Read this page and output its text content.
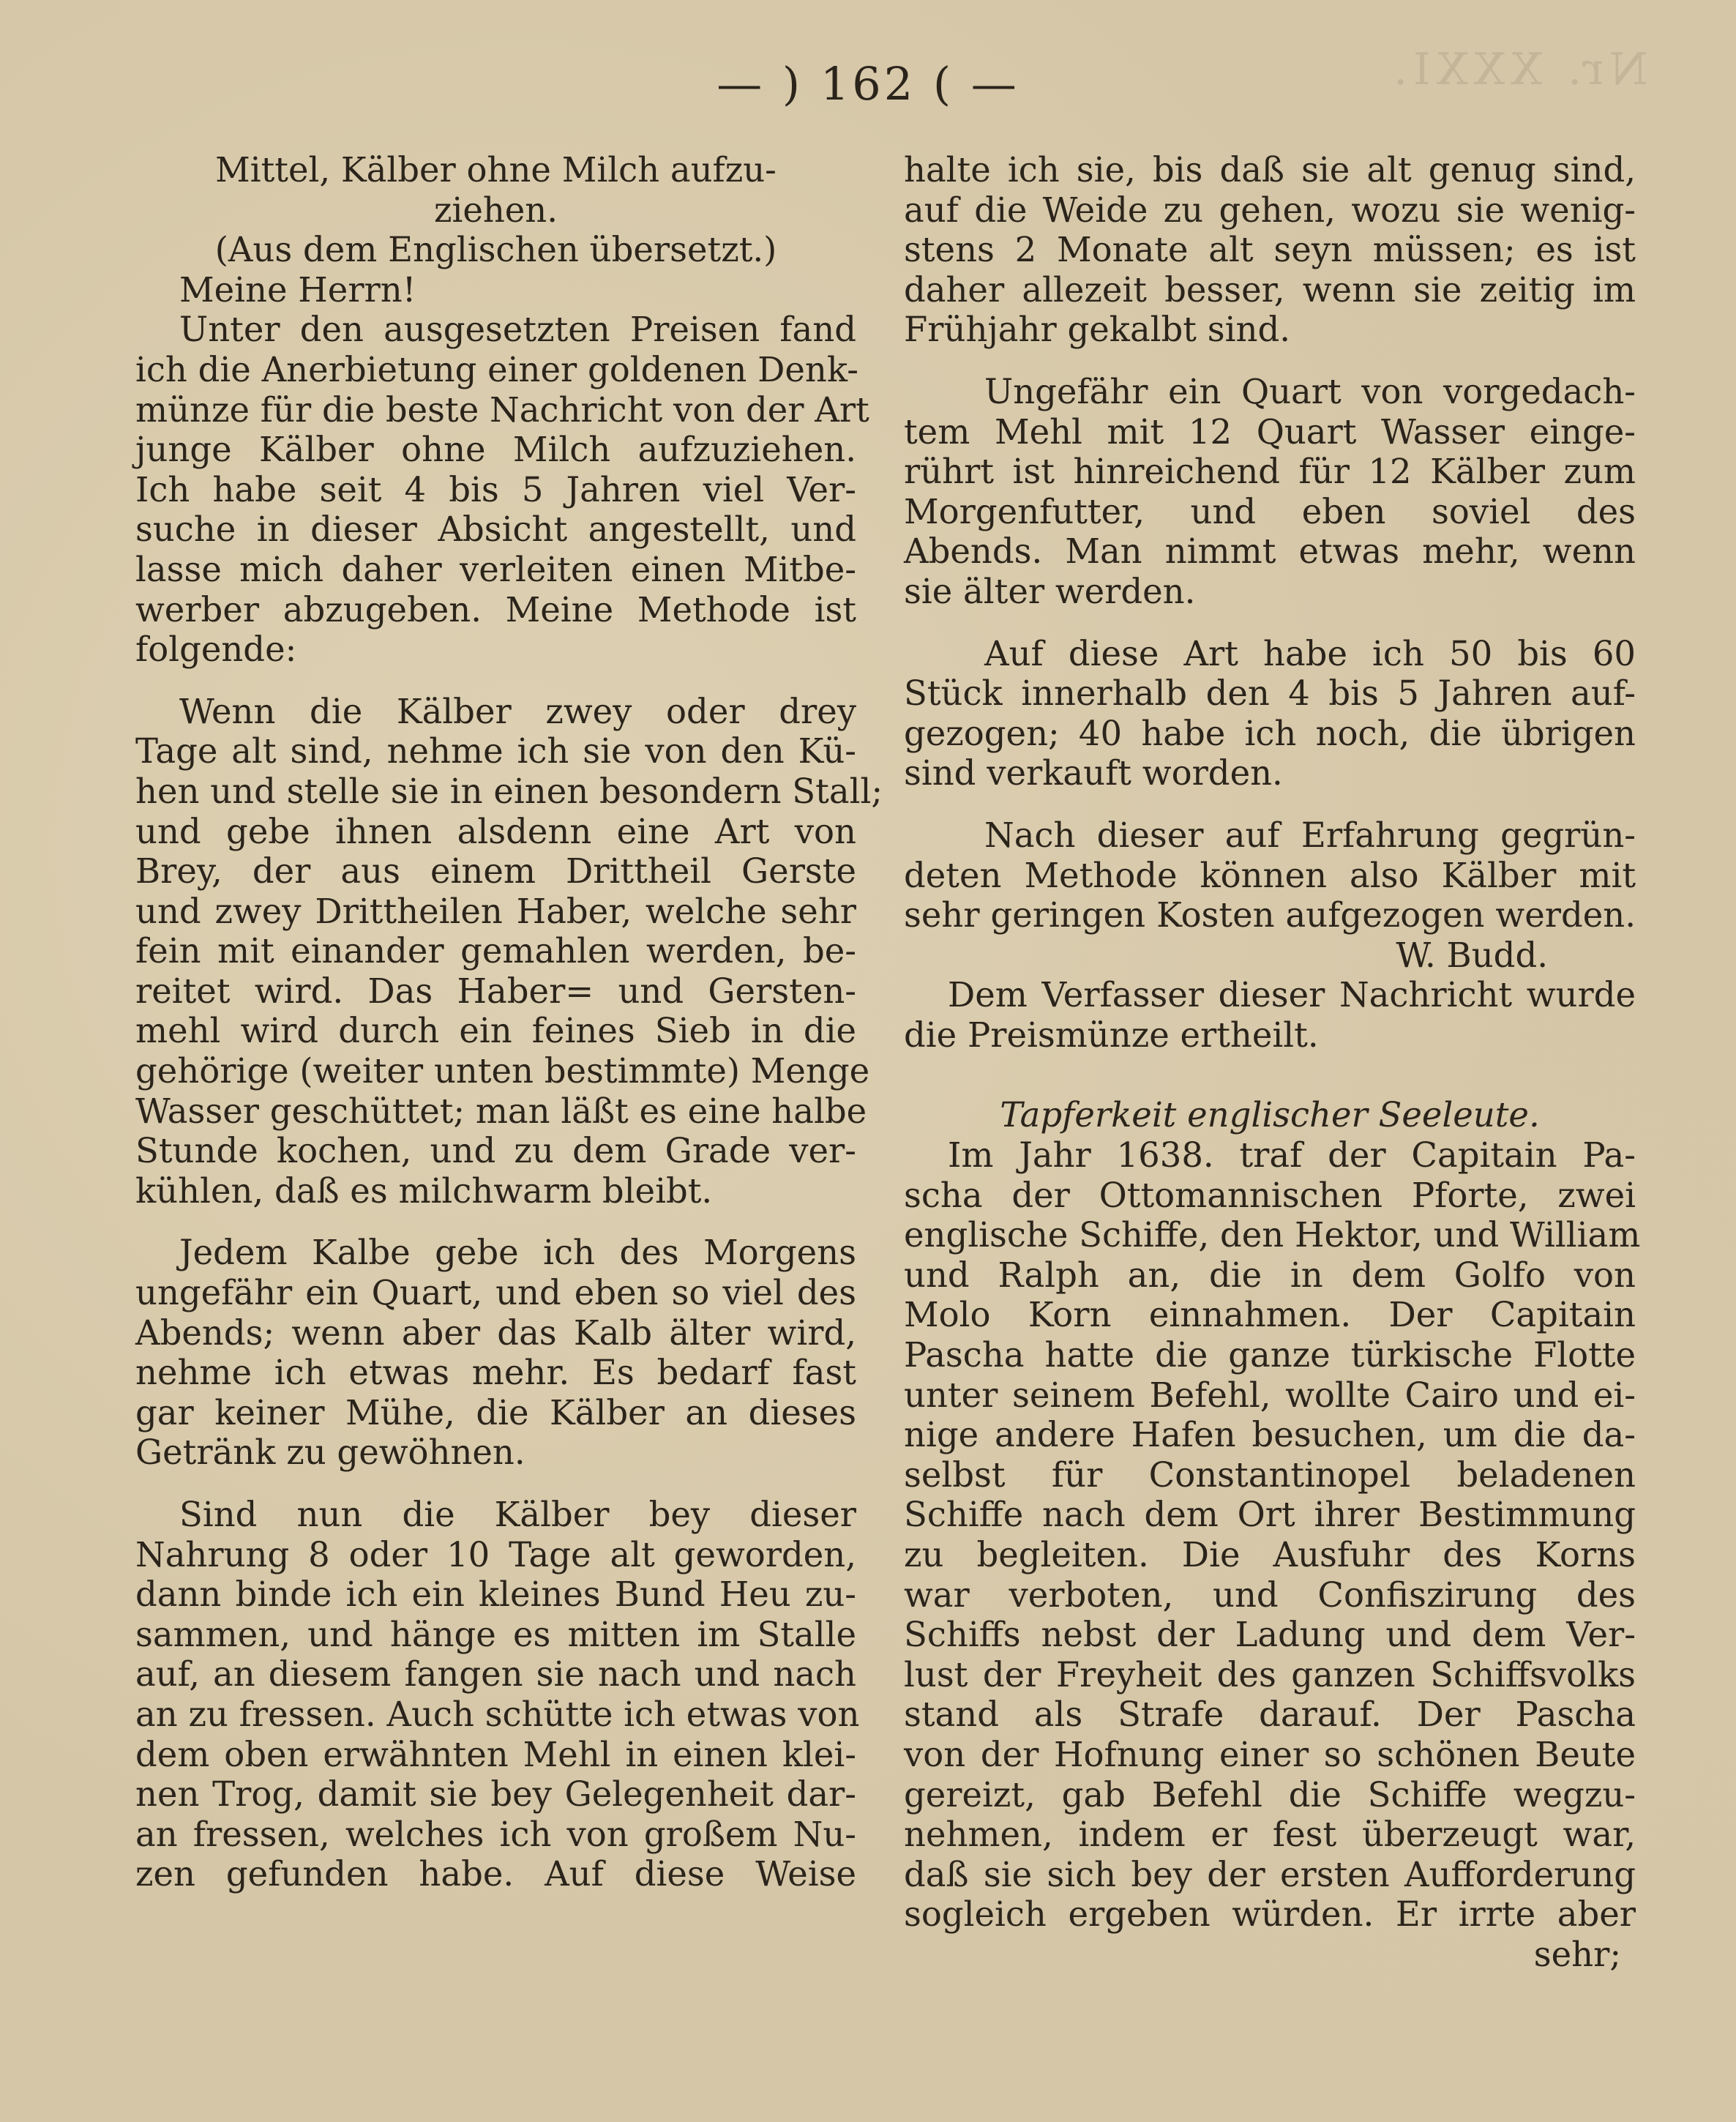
Nr. XXXI.
— ) 162 ( —
Mittel, Kälber ohne Milch aufzu-
ziehen.
(Aus dem Englischen übersetzt.)
Meine Herrn!
Unter den ausgesetzten Preisen fand
ich die Anerbietung einer goldenen Denk-
münze für die beste Nachricht von der Art
junge Kälber ohne Milch aufzuziehen.
Ich habe seit 4 bis 5 Jahren viel Ver-
suche in dieser Absicht angestellt, und
lasse mich daher verleiten einen Mitbe-
werber abzugeben. Meine Methode ist
folgende:
Wenn die Kälber zwey oder drey
Tage alt sind, nehme ich sie von den Kü-
hen und stelle sie in einen besondern Stall;
und gebe ihnen alsdenn eine Art von
Brey, der aus einem Drittheil Gerste
und zwey Drittheilen Haber, welche sehr
fein mit einander gemahlen werden, be-
reitet wird. Das Haber= und Gersten-
mehl wird durch ein feines Sieb in die
gehörige (weiter unten bestimmte) Menge
Wasser geschüttet; man läßt es eine halbe
Stunde kochen, und zu dem Grade ver-
kühlen, daß es milchwarm bleibt.
Jedem Kalbe gebe ich des Morgens
ungefähr ein Quart, und eben so viel des
Abends; wenn aber das Kalb älter wird,
nehme ich etwas mehr. Es bedarf fast
gar keiner Mühe, die Kälber an dieses
Getränk zu gewöhnen.
Sind nun die Kälber bey dieser
Nahrung 8 oder 10 Tage alt geworden,
dann binde ich ein kleines Bund Heu zu-
sammen, und hänge es mitten im Stalle
auf, an diesem fangen sie nach und nach
an zu fressen. Auch schütte ich etwas von
dem oben erwähnten Mehl in einen klei-
nen Trog, damit sie bey Gelegenheit dar-
an fressen, welches ich von großem Nu-
zen gefunden habe. Auf diese Weise
halte ich sie, bis daß sie alt genug sind,
auf die Weide zu gehen, wozu sie wenig-
stens 2 Monate alt seyn müssen; es ist
daher allezeit besser, wenn sie zeitig im
Frühjahr gekalbt sind.
Ungefähr ein Quart von vorgedach-
tem Mehl mit 12 Quart Wasser einge-
rührt ist hinreichend für 12 Kälber zum
Morgenfutter, und eben soviel des
Abends. Man nimmt etwas mehr, wenn
sie älter werden.
Auf diese Art habe ich 50 bis 60
Stück innerhalb den 4 bis 5 Jahren auf-
gezogen; 40 habe ich noch, die übrigen
sind verkauft worden.
Nach dieser auf Erfahrung gegrün-
deten Methode können also Kälber mit
sehr geringen Kosten aufgezogen werden.
W. Budd.
Dem Verfasser dieser Nachricht wurde
die Preismünze ertheilt.
Tapferkeit englischer Seeleute.
Im Jahr 1638. traf der Capitain Pa-
scha der Ottomannischen Pforte, zwei
englische Schiffe, den Hektor, und William
und Ralph an, die in dem Golfo von
Molo Korn einnahmen. Der Capitain
Pascha hatte die ganze türkische Flotte
unter seinem Befehl, wollte Cairo und ei-
nige andere Hafen besuchen, um die da-
selbst für Constantinopel beladenen
Schiffe nach dem Ort ihrer Bestimmung
zu begleiten. Die Ausfuhr des Korns
war verboten, und Confiszirung des
Schiffs nebst der Ladung und dem Ver-
lust der Freyheit des ganzen Schiffsvolks
stand als Strafe darauf. Der Pascha
von der Hofnung einer so schönen Beute
gereizt, gab Befehl die Schiffe wegzu-
nehmen, indem er fest überzeugt war,
daß sie sich bey der ersten Aufforderung
sogleich ergeben würden. Er irrte aber
sehr;
